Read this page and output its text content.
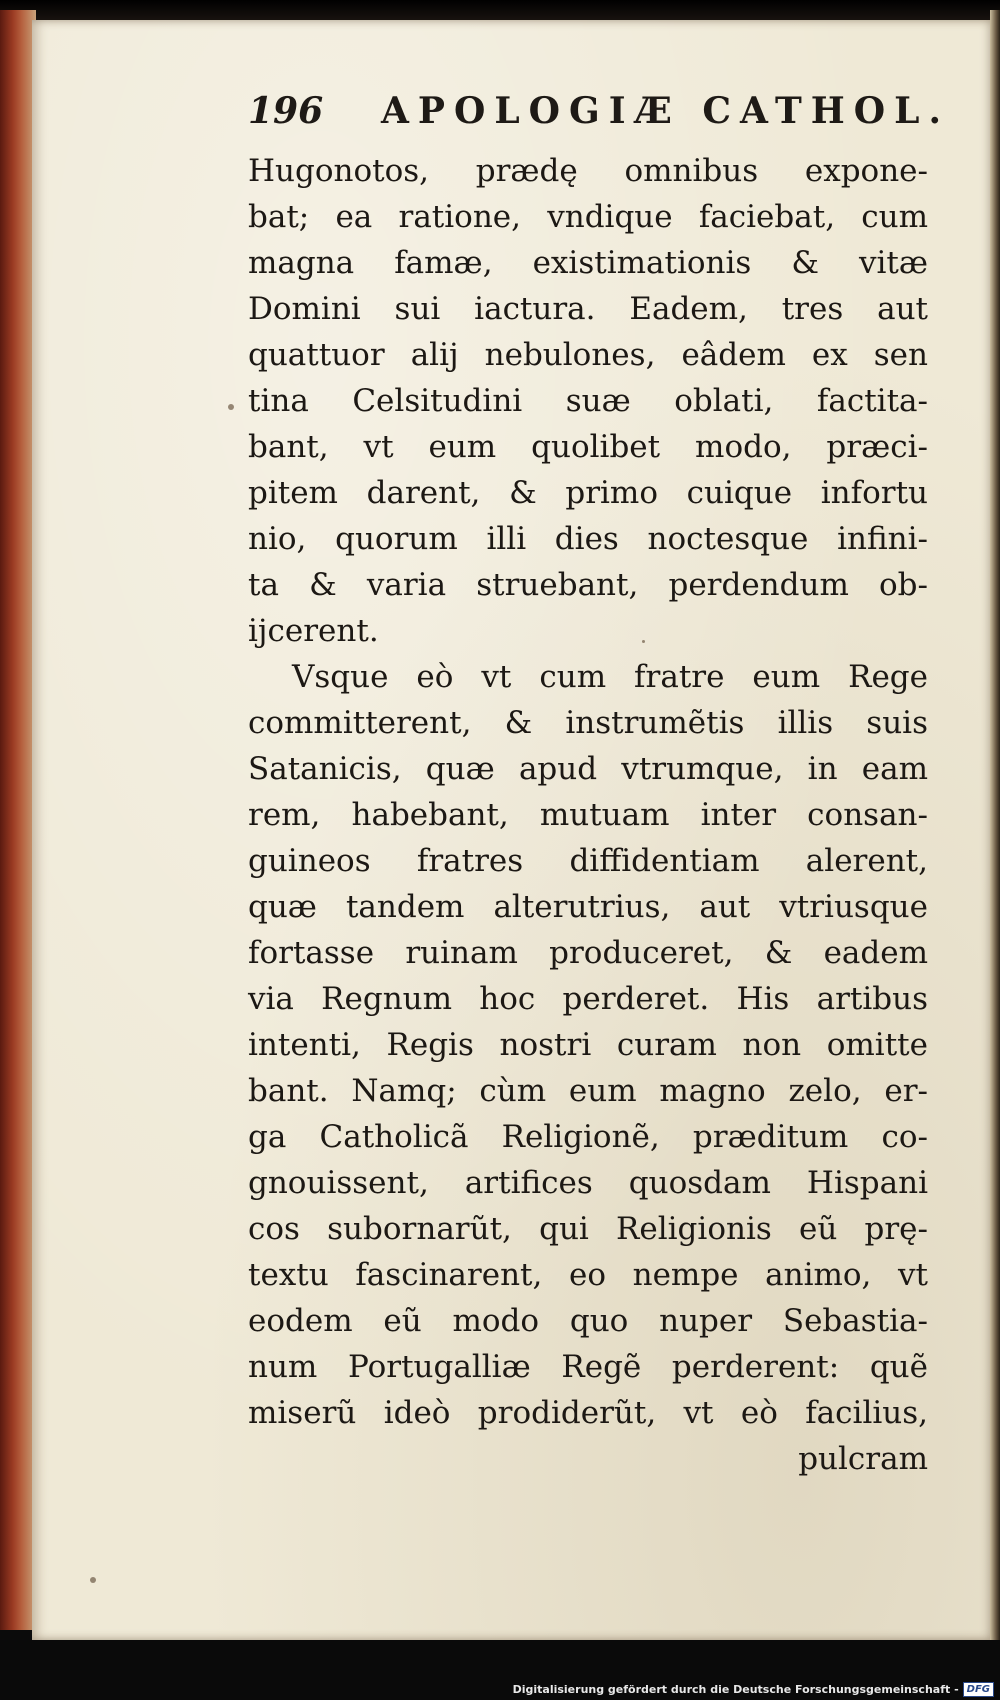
196 APOLOGIÆ CATHOL.
Hugonotos, prædę omnibus expone-
bat; ea ratione, vndique faciebat, cum
magna famæ, existimationis & vitæ
Domini sui iactura. Eadem, tres aut
quattuor alij nebulones, eâdem ex sen
tina Celsitudini suæ oblati, factita-
bant, vt eum quolibet modo, præci-
pitem darent, & primo cuique infortu
nio, quorum illi dies noctesque infini-
ta & varia struebant, perdendum ob-
ijcerent.
Vsque eò vt cum fratre eum Rege
committerent, & instrumẽtis illis suis
Satanicis, quæ apud vtrumque, in eam
rem, habebant, mutuam inter consan-
guineos fratres diffidentiam alerent,
quæ tandem alterutrius, aut vtriusque
fortasse ruinam produceret, & eadem
via Regnum hoc perderet. His artibus
intenti, Regis nostri curam non omitte
bant. Namq; cùm eum magno zelo, er-
ga Catholicã Religionẽ, præditum co-
gnouissent, artifices quosdam Hispani
cos subornarũt, qui Religionis eũ prę-
textu fascinarent, eo nempe animo, vt
eodem eũ modo quo nuper Sebastia-
num Portugalliæ Regẽ perderent: quẽ
miserũ ideò prodiderũt, vt eò facilius,
pulcram
Digitalisierung gefördert durch die Deutsche Forschungsgemeinschaft - DFG
